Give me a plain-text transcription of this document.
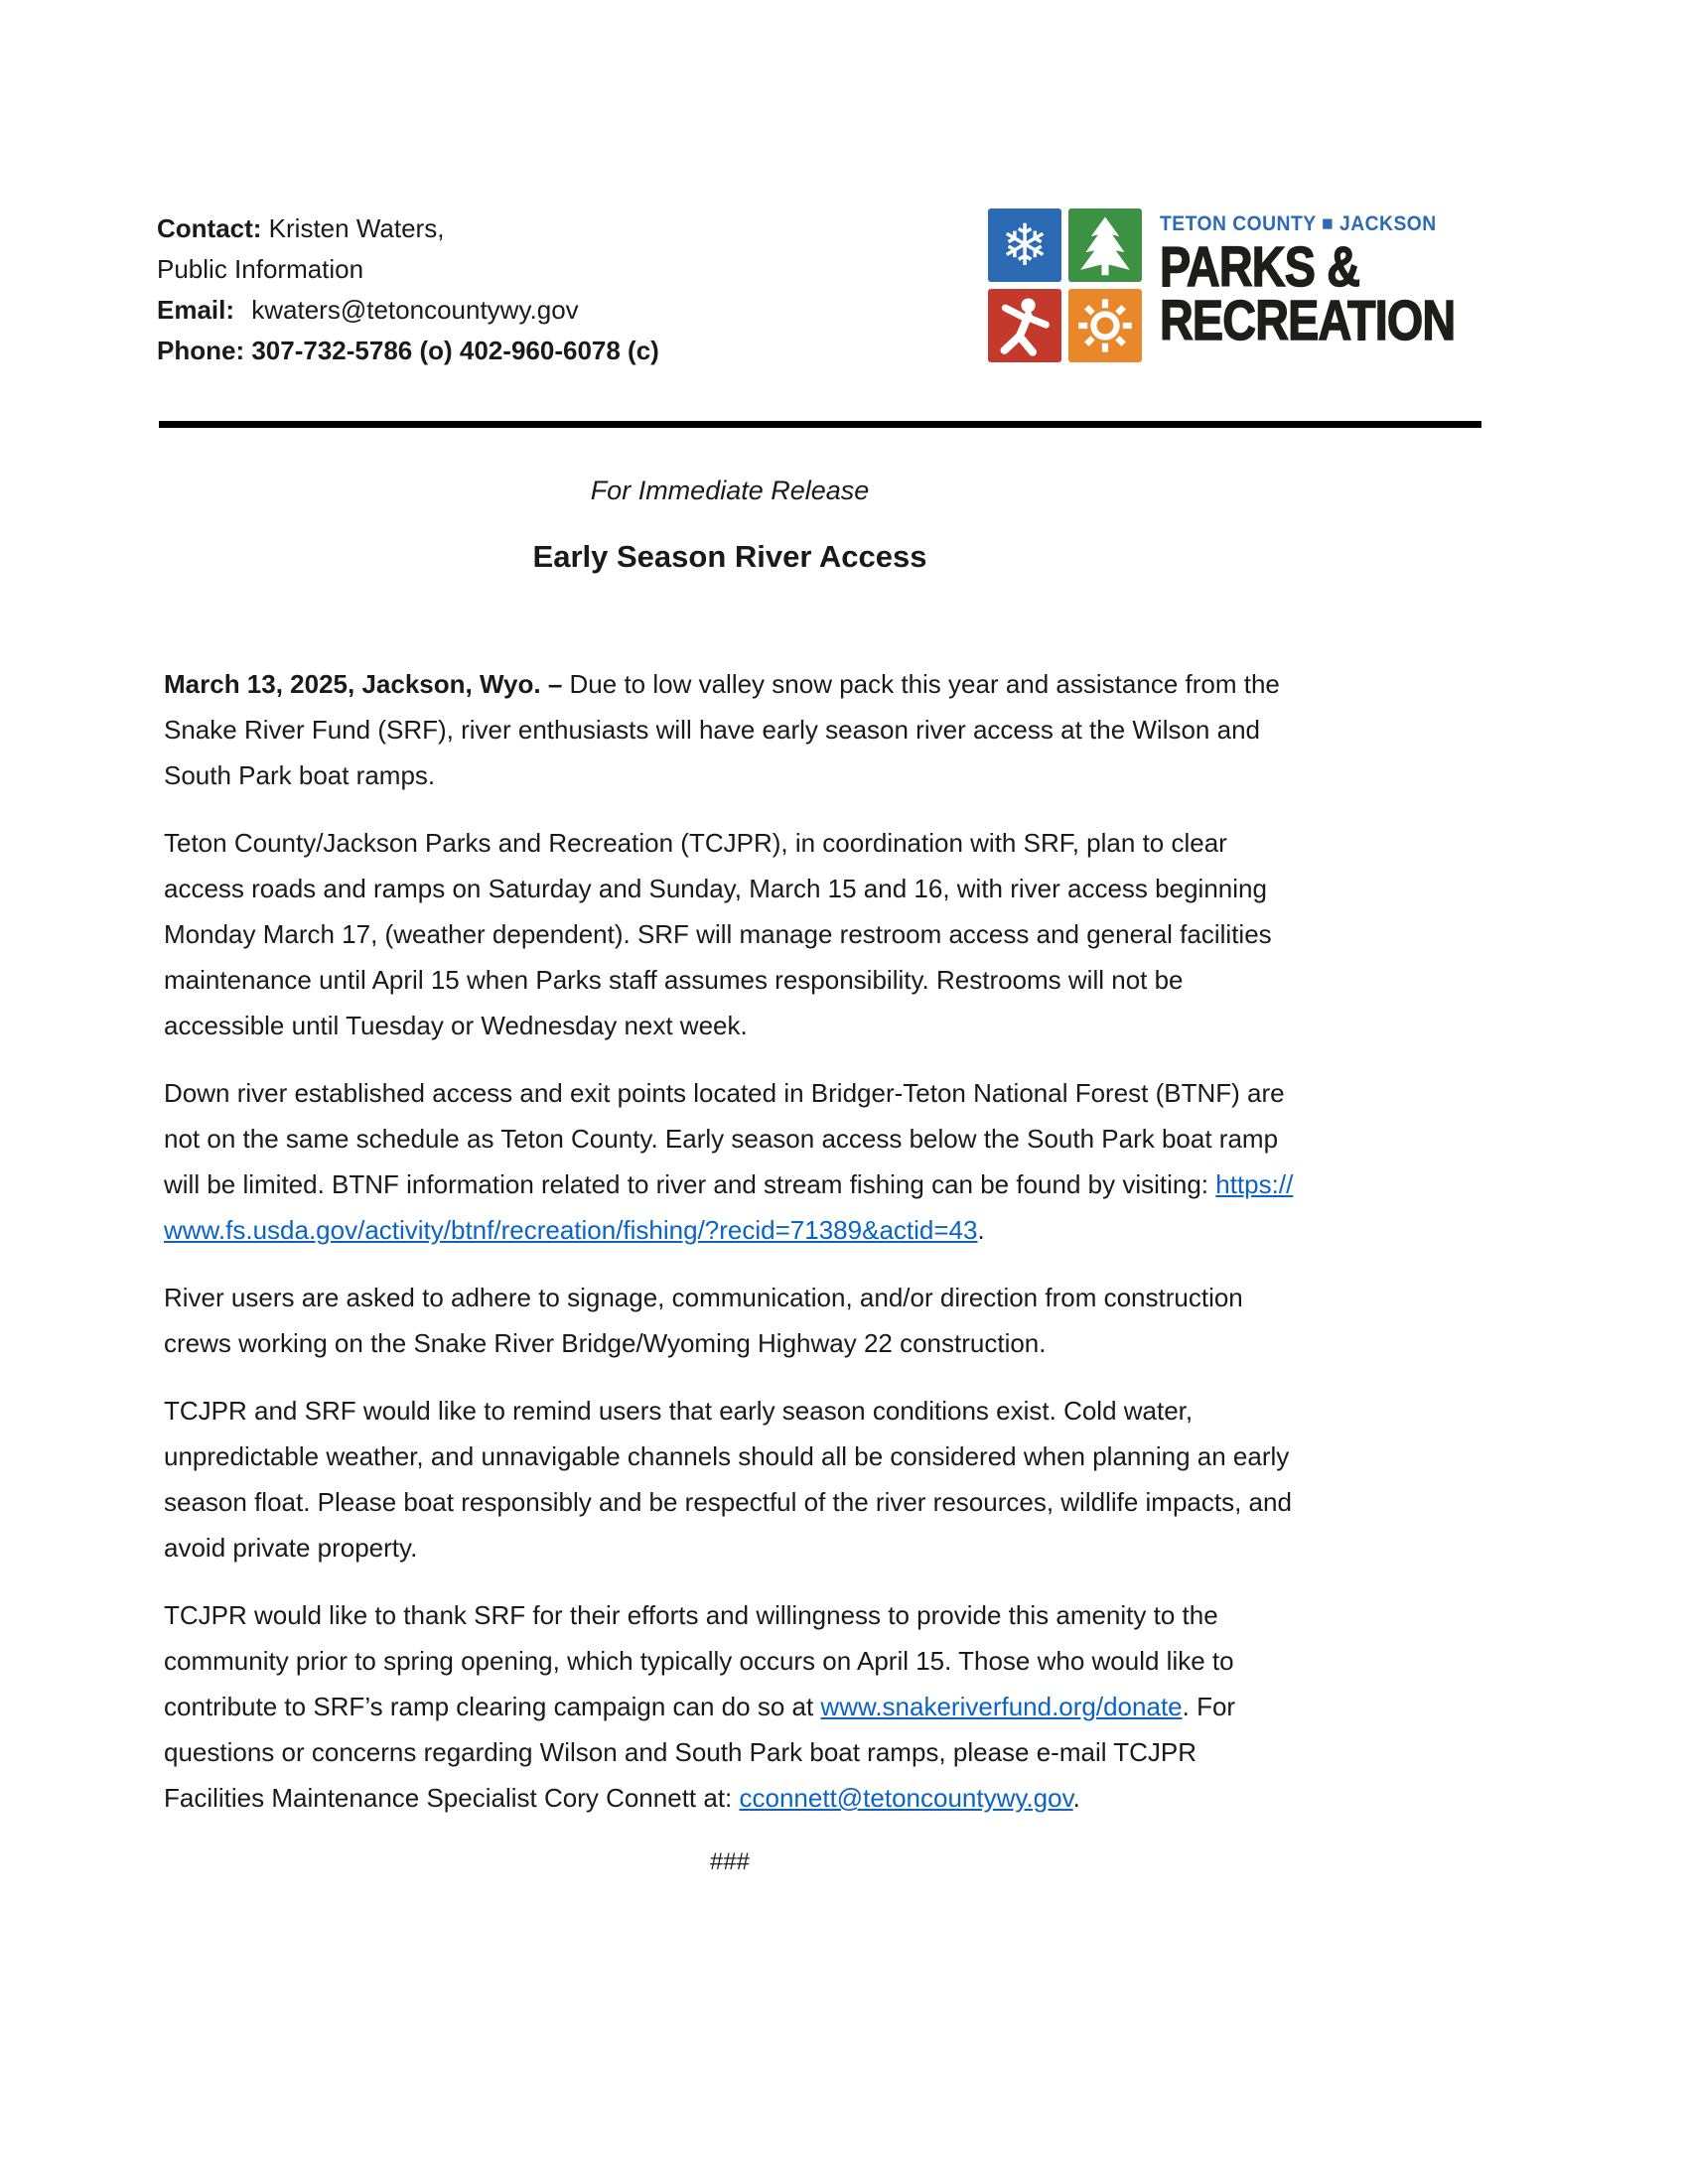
Contact: Kristen Waters,
Public Information
Email: kwaters@tetoncountywy.gov
Phone: 307-732-5786 (o) 402-960-6078 (c)
❄	TETON COUNTY ■ JACKSON
PARKS &
RECREATION

For Immediate Release

Early Season River Access

March 13, 2025, Jackson, Wyo. – Due to low valley snow pack this year and assistance from the Snake River Fund (SRF), river enthusiasts will have early season river access at the Wilson and South Park boat ramps.

Teton County/Jackson Parks and Recreation (TCJPR), in coordination with SRF, plan to clear access roads and ramps on Saturday and Sunday, March 15 and 16, with river access beginning Monday March 17, (weather dependent). SRF will manage restroom access and general facilities maintenance until April 15 when Parks staff assumes responsibility. Restrooms will not be accessible until Tuesday or Wednesday next week.

Down river established access and exit points located in Bridger-Teton National Forest (BTNF) are not on the same schedule as Teton County. Early season access below the South Park boat ramp will be limited. BTNF information related to river and stream fishing can be found by visiting: https://www.fs.usda.gov/activity/btnf/recreation/fishing/?recid=71389&actid=43.

River users are asked to adhere to signage, communication, and/or direction from construction crews working on the Snake River Bridge/Wyoming Highway 22 construction.

TCJPR and SRF would like to remind users that early season conditions exist. Cold water, unpredictable weather, and unnavigable channels should all be considered when planning an early season float. Please boat responsibly and be respectful of the river resources, wildlife impacts, and avoid private property.

TCJPR would like to thank SRF for their efforts and willingness to provide this amenity to the community prior to spring opening, which typically occurs on April 15. Those who would like to contribute to SRF’s ramp clearing campaign can do so at www.snakeriverfund.org/donate. For questions or concerns regarding Wilson and South Park boat ramps, please e-mail TCJPR Facilities Maintenance Specialist Cory Connett at: cconnett@tetoncountywy.gov.

###
